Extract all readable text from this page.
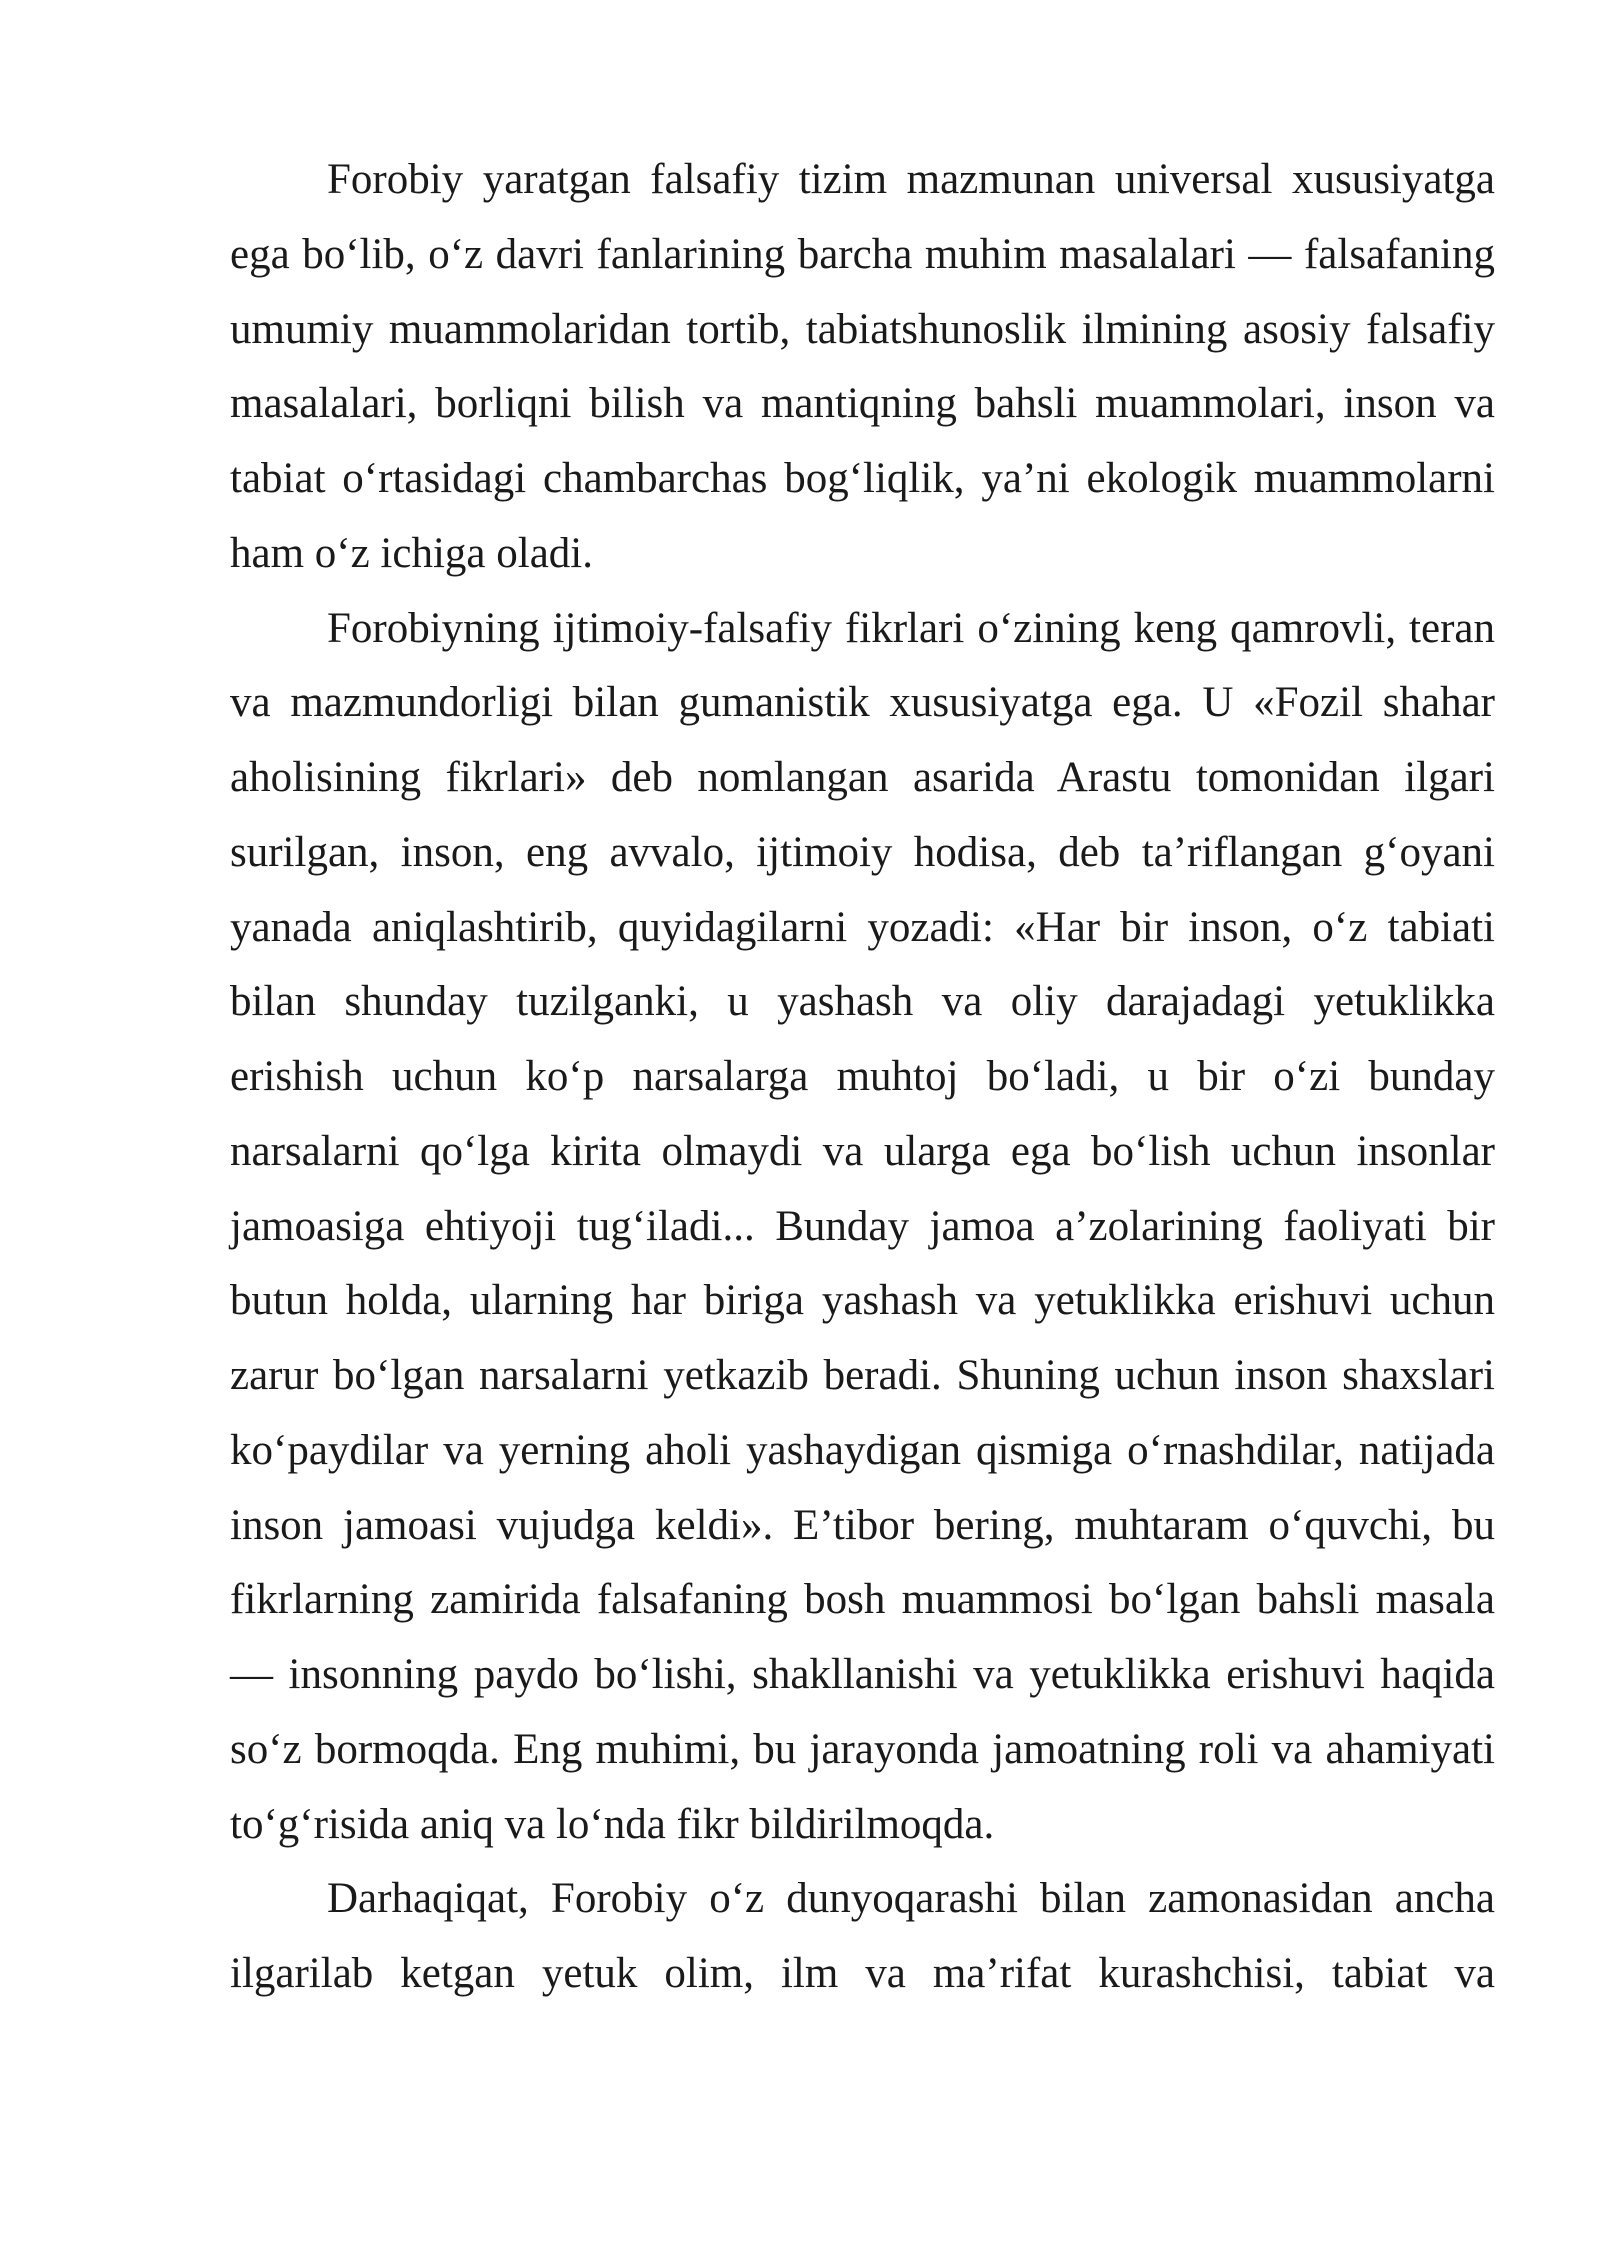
Forobiy yaratgan falsafiy tizim mazmunan universal xususiyatga
ega bo‘lib, o‘z davri fanlarining barcha muhim masalalari — falsafaning
umumiy muammolaridan tortib, tabiatshunoslik ilmining asosiy falsafiy
masalalari, borliqni bilish va mantiqning bahsli muammolari, inson va
tabiat o‘rtasidagi chambarchas bog‘liqlik, ya’ni ekologik muammolarni
ham o‘z ichiga oladi.
Forobiyning ijtimoiy-falsafiy fikrlari o‘zining keng qamrovli, teran
va mazmundorligi bilan gumanistik xususiyatga ega. U «Fozil shahar
aholisining fikrlari» deb nomlangan asarida Arastu tomonidan ilgari
surilgan, inson, eng avvalo, ijtimoiy hodisa, deb ta’riflangan g‘oyani
yanada aniqlashtirib, quyidagilarni yozadi: «Har bir inson, o‘z tabiati
bilan shunday tuzilganki, u yashash va oliy darajadagi yetuklikka
erishish uchun ko‘p narsalarga muhtoj bo‘ladi, u bir o‘zi bunday
narsalarni qo‘lga kirita olmaydi va ularga ega bo‘lish uchun insonlar
jamoasiga ehtiyoji tug‘iladi... Bunday jamoa a’zolarining faoliyati bir
butun holda, ularning har biriga yashash va yetuklikka erishuvi uchun
zarur bo‘lgan narsalarni yetkazib beradi. Shuning uchun inson shaxslari
ko‘paydilar va yerning aholi yashaydigan qismiga o‘rnashdilar, natijada
inson jamoasi vujudga keldi». E’tibor bering, muhtaram o‘quvchi, bu
fikrlarning zamirida falsafaning bosh muammosi bo‘lgan bahsli masala
— insonning paydo bo‘lishi, shakllanishi va yetuklikka erishuvi haqida
so‘z bormoqda. Eng muhimi, bu jarayonda jamoatning roli va ahamiyati
to‘g‘risida aniq va lo‘nda fikr bildirilmoqda.
Darhaqiqat, Forobiy o‘z dunyoqarashi bilan zamonasidan ancha
ilgarilab ketgan yetuk olim, ilm va ma’rifat kurashchisi, tabiat va
